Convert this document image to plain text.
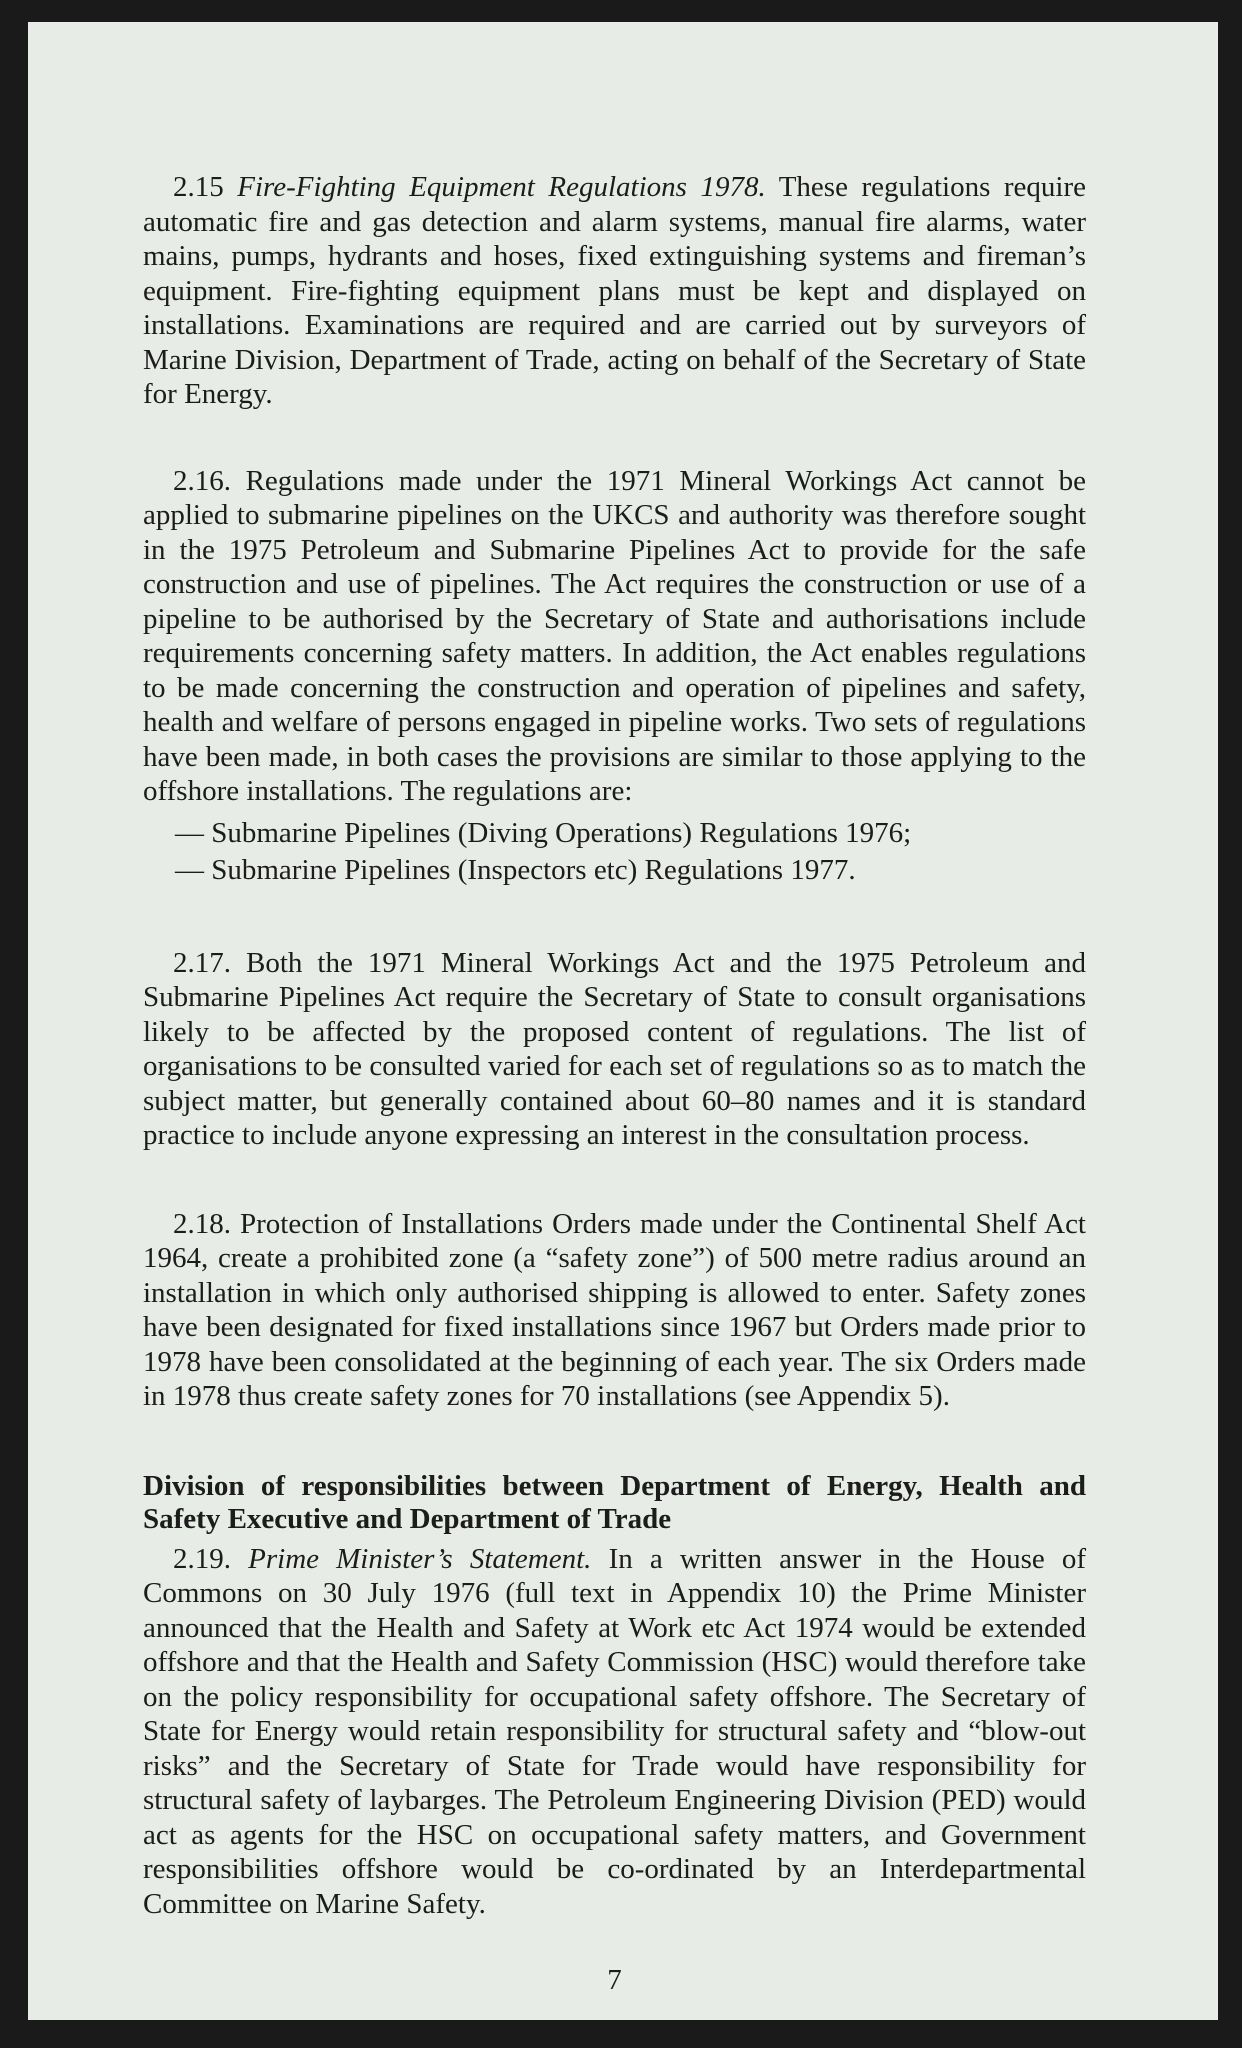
2.15 Fire-Fighting Equipment Regulations 1978. These regulations require automatic fire and gas detection and alarm systems, manual fire alarms, water mains, pumps, hydrants and hoses, fixed extinguishing systems and fireman’s equipment. Fire-fighting equipment plans must be kept and displayed on installations. Examinations are required and are carried out by surveyors of Marine Division, Department of Trade, acting on behalf of the Secretary of State for Energy.

2.16. Regulations made under the 1971 Mineral Workings Act cannot be applied to submarine pipelines on the UKCS and authority was therefore sought in the 1975 Petroleum and Submarine Pipelines Act to provide for the safe construction and use of pipelines. The Act requires the construction or use of a pipeline to be authorised by the Secretary of State and authorisations include requirements concerning safety matters. In addition, the Act enables regulations to be made concerning the construction and operation of pipelines and safety, health and welfare of persons engaged in pipeline works. Two sets of regulations have been made, in both cases the provisions are similar to those applying to the offshore installations. The regulations are:

— Submarine Pipelines (Diving Operations) Regulations 1976;
— Submarine Pipelines (Inspectors etc) Regulations 1977.

2.17. Both the 1971 Mineral Workings Act and the 1975 Petroleum and Submarine Pipelines Act require the Secretary of State to consult organisations likely to be affected by the proposed content of regulations. The list of organisations to be consulted varied for each set of regulations so as to match the subject matter, but generally contained about 60–80 names and it is standard practice to include anyone expressing an interest in the consultation process.

2.18. Protection of Installations Orders made under the Continental Shelf Act 1964, create a prohibited zone (a “safety zone”) of 500 metre radius around an installation in which only authorised shipping is allowed to enter. Safety zones have been designated for fixed installations since 1967 but Orders made prior to 1978 have been consolidated at the beginning of each year. The six Orders made in 1978 thus create safety zones for 70 installations (see Appendix 5).

Division of responsibilities between Department of Energy, Health and Safety Executive and Department of Trade

2.19. Prime Minister’s Statement. In a written answer in the House of Commons on 30 July 1976 (full text in Appendix 10) the Prime Minister announced that the Health and Safety at Work etc Act 1974 would be extended offshore and that the Health and Safety Commission (HSC) would therefore take on the policy responsibility for occupational safety offshore. The Secretary of State for Energy would retain responsibility for structural safety and “blow-out risks” and the Secretary of State for Trade would have responsibility for structural safety of laybarges. The Petroleum Engineering Division (PED) would act as agents for the HSC on occupational safety matters, and Government responsibilities offshore would be co-ordinated by an Interdepartmental Committee on Marine Safety.

7
